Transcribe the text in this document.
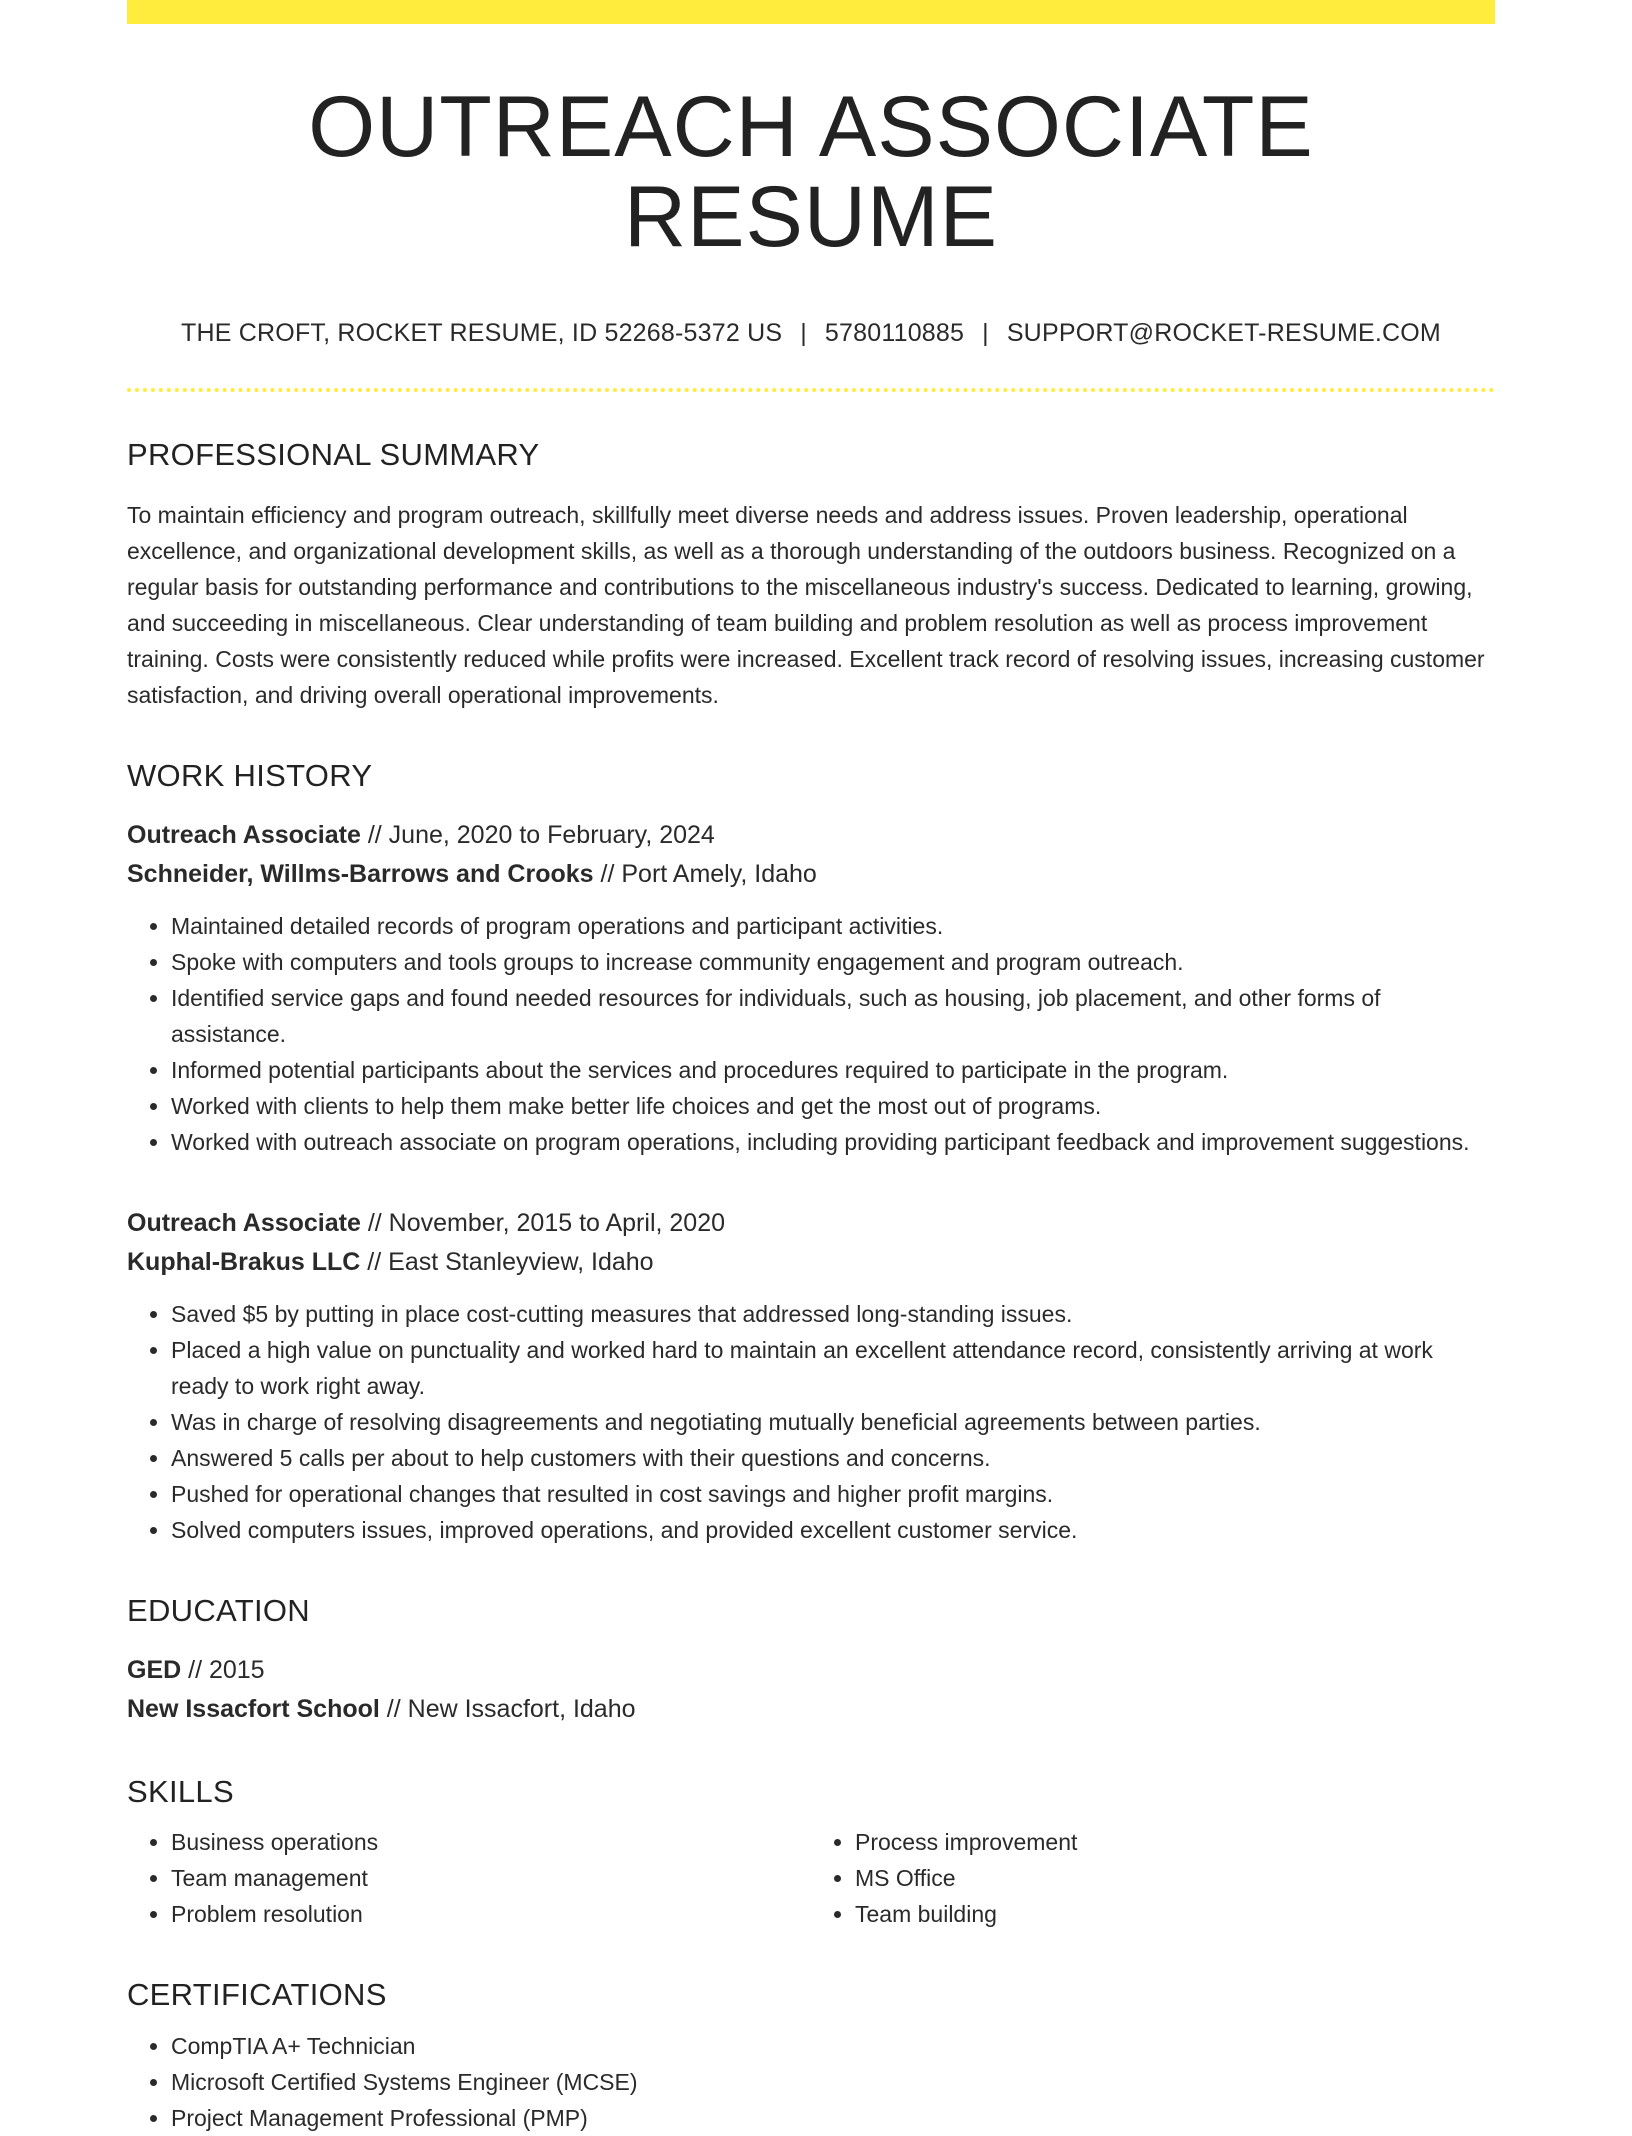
OUTREACH ASSOCIATE RESUME
THE CROFT, ROCKET RESUME, ID 52268-5372 US | 5780110885 | SUPPORT@ROCKET-RESUME.COM
PROFESSIONAL SUMMARY

To maintain efficiency and program outreach, skillfully meet diverse needs and address issues. Proven leadership, operational excellence, and organizational development skills, as well as a thorough understanding of the outdoors business. Recognized on a regular basis for outstanding performance and contributions to the miscellaneous industry's success. Dedicated to learning, growing, and succeeding in miscellaneous. Clear understanding of team building and problem resolution as well as process improvement training. Costs were consistently reduced while profits were increased. Excellent track record of resolving issues, increasing customer satisfaction, and driving overall operational improvements.

WORK HISTORY
Outreach Associate // June, 2020 to February, 2024
Schneider, Willms-Barrows and Crooks // Port Amely, Idaho
• Maintained detailed records of program operations and participant activities.
• Spoke with computers and tools groups to increase community engagement and program outreach.
• Identified service gaps and found needed resources for individuals, such as housing, job placement, and other forms of assistance.
• Informed potential participants about the services and procedures required to participate in the program.
• Worked with clients to help them make better life choices and get the most out of programs.
• Worked with outreach associate on program operations, including providing participant feedback and improvement suggestions.
Outreach Associate // November, 2015 to April, 2020
Kuphal-Brakus LLC // East Stanleyview, Idaho
• Saved $5 by putting in place cost-cutting measures that addressed long-standing issues.
• Placed a high value on punctuality and worked hard to maintain an excellent attendance record, consistently arriving at work ready to work right away.
• Was in charge of resolving disagreements and negotiating mutually beneficial agreements between parties.
• Answered 5 calls per about to help customers with their questions and concerns.
• Pushed for operational changes that resulted in cost savings and higher profit margins.
• Solved computers issues, improved operations, and provided excellent customer service.
EDUCATION
GED // 2015
New Issacfort School // New Issacfort, Idaho
SKILLS
• Business operations
• Team management
• Problem resolution
• Process improvement
• MS Office
• Team building
CERTIFICATIONS
• CompTIA A+ Technician
• Microsoft Certified Systems Engineer (MCSE)
• Project Management Professional (PMP)
